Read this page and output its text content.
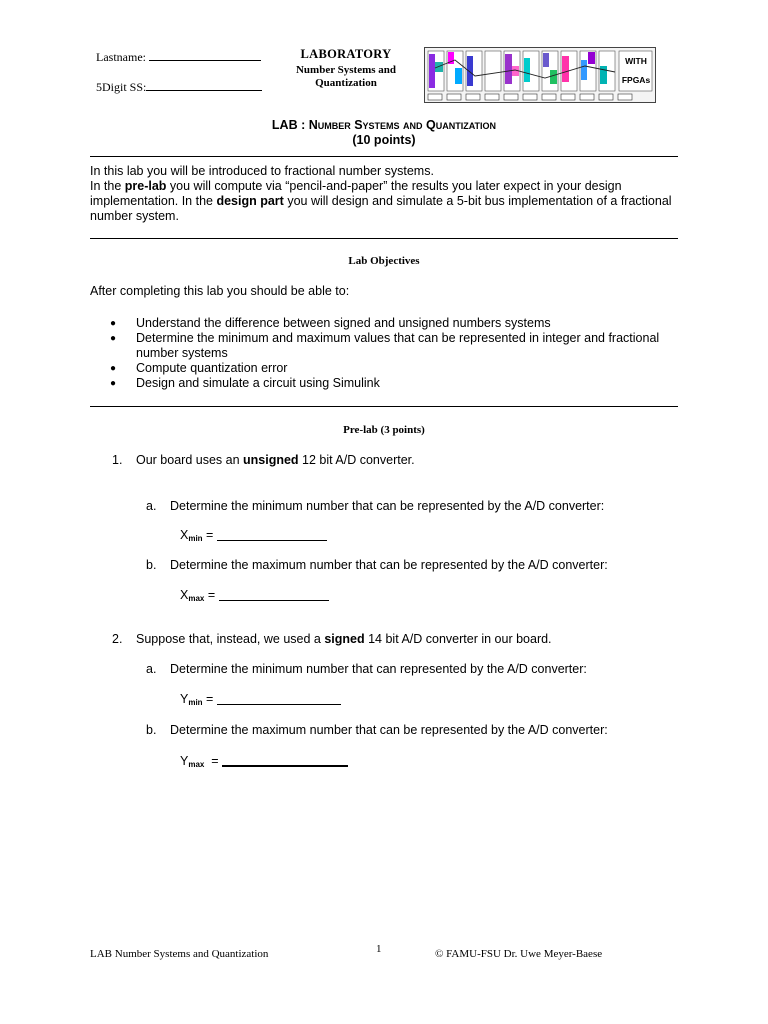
Lastname:
5Digit SS:
LABORATORY
Number Systems and
Quantization
WITH
FPGAs
LAB : Number Systems and Quantization
(10 points)
In this lab you will be introduced to fractional number systems.
In the pre-lab you will compute via “pencil-and-paper” the results you later expect in your design implementation. In the design part you will design and simulate a 5-bit bus implementation of a fractional number system.
Lab Objectives
After completing this lab you should be able to:
●	Understand the difference between signed and unsigned numbers systems
●	Determine the minimum and maximum values that can be represented in integer and fractional number systems
●	Compute quantization error
●	Design and simulate a circuit using Simulink
Pre-lab (3 points)
1. Our board uses an unsigned 12 bit A/D converter.
a. Determine the minimum number that can be represented by the A/D converter:
$X_{min}$ =
b. Determine the maximum number that can be represented by the A/D converter:
$X_{max}$ =
2. Suppose that, instead, we used a signed 14 bit A/D converter in our board.
a. Determine the minimum number that can represented by the A/D converter:
$Y_{min}$ =
b. Determine the maximum number that can be represented by the A/D converter:
$Y_{max}$  =
LAB Number Systems and Quantization	1	© FAMU-FSU Dr. Uwe Meyer-Baese
